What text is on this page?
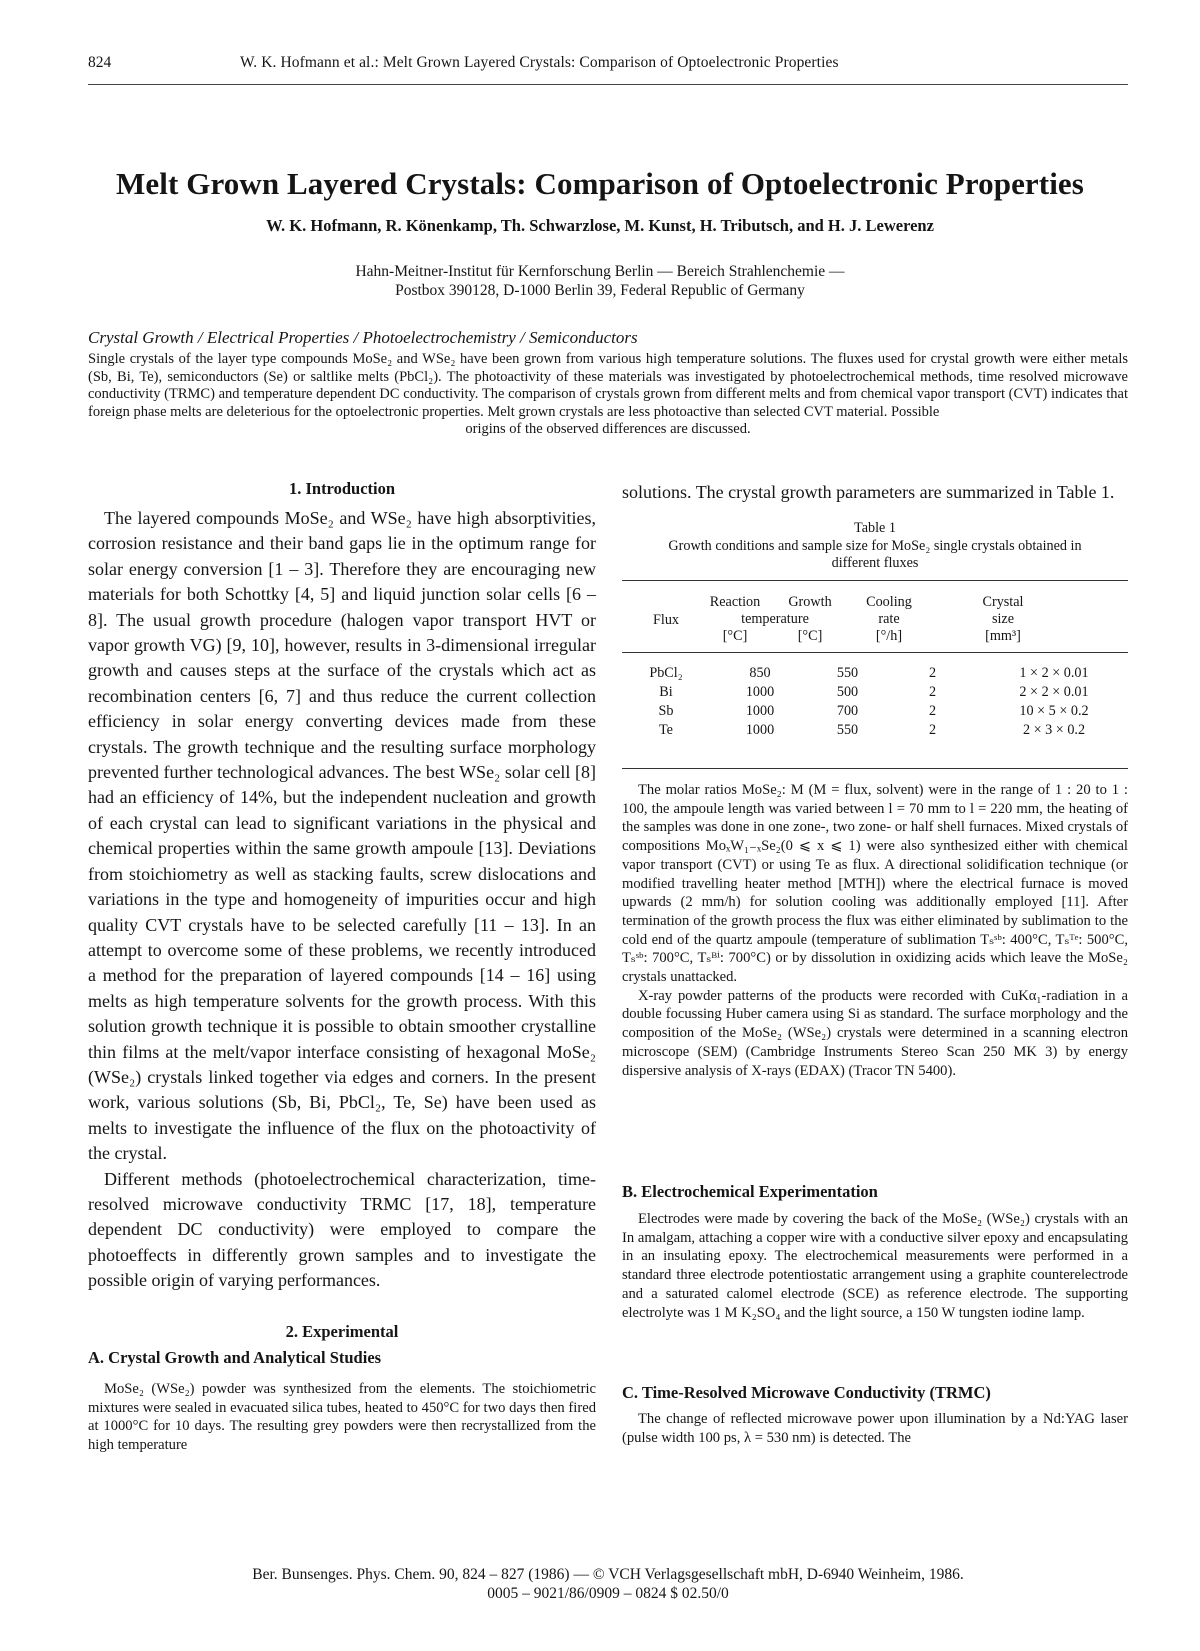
824	W. K. Hofmann et al.: Melt Grown Layered Crystals: Comparison of Optoelectronic Properties
Melt Grown Layered Crystals: Comparison of Optoelectronic Properties
W. K. Hofmann, R. Könenkamp, Th. Schwarzlose, M. Kunst, H. Tributsch, and H. J. Lewerenz
Hahn-Meitner-Institut für Kernforschung Berlin — Bereich Strahlenchemie —
Postbox 390128, D-1000 Berlin 39, Federal Republic of Germany
Crystal Growth / Electrical Properties / Photoelectrochemistry / Semiconductors

Single crystals of the layer type compounds MoSe₂ and WSe₂ have been grown from various high temperature solutions. The fluxes used for crystal growth were either metals (Sb, Bi, Te), semiconductors (Se) or saltlike melts (PbCl₂). The photoactivity of these materials was investigated by photoelectrochemical methods, time resolved microwave conductivity (TRMC) and temperature dependent DC conductivity. The comparison of crystals grown from different melts and from chemical vapor transport (CVT) indicates that foreign phase melts are deleterious for the optoelectronic properties. Melt grown crystals are less photoactive than selected CVT material. Possible

origins of the observed differences are discussed.

1. Introduction

The layered compounds MoSe₂ and WSe₂ have high absorptivities, corrosion resistance and their band gaps lie in the optimum range for solar energy conversion [1 – 3]. Therefore they are encouraging new materials for both Schottky [4, 5] and liquid junction solar cells [6 – 8]. The usual growth procedure (halogen vapor transport HVT or vapor growth VG) [9, 10], however, results in 3-dimensional irregular growth and causes steps at the surface of the crystals which act as recombination centers [6, 7] and thus reduce the current collection efficiency in solar energy converting devices made from these crystals. The growth technique and the resulting surface morphology prevented further technological advances. The best WSe₂ solar cell [8] had an efficiency of 14%, but the independent nucleation and growth of each crystal can lead to significant variations in the physical and chemical properties within the same growth ampoule [13]. Deviations from stoichiometry as well as stacking faults, screw dislocations and variations in the type and homogeneity of impurities occur and high quality CVT crystals have to be selected carefully [11 – 13]. In an attempt to overcome some of these problems, we recently introduced a method for the preparation of layered compounds [14 – 16] using melts as high temperature solvents for the growth process. With this solution growth technique it is possible to obtain smoother crystalline thin films at the melt/vapor interface consisting of hexagonal MoSe₂ (WSe₂) crystals linked together via edges and corners. In the present work, various solutions (Sb, Bi, PbCl₂, Te, Se) have been used as melts to investigate the influence of the flux on the photoactivity of the crystal.

Different methods (photoelectrochemical characterization, time-resolved microwave conductivity TRMC [17, 18], temperature dependent DC conductivity) were employed to compare the photoeffects in differently grown samples and to investigate the possible origin of varying performances.

2. Experimental
A. Crystal Growth and Analytical Studies

MoSe₂ (WSe₂) powder was synthesized from the elements. The stoichiometric mixtures were sealed in evacuated silica tubes, heated to 450°C for two days then fired at 1000°C for 10 days. The resulting grey powders were then recrystallized from the high temperature

solutions. The crystal growth parameters are summarized in Table 1.

Table 1
Growth conditions and sample size for MoSe₂ single crystals obtained in
different fluxes
Flux
Reaction	Growth
temperature
[°C]	[°C]
Cooling
rate
[°/h]
Crystal
size
[mm³]
PbCl₂	850	550	2	1 × 2 × 0.01
Bi	1000	500	2	2 × 2 × 0.01
Sb	1000	700	2	10 × 5 × 0.2
Te	1000	550	2	2 × 3 × 0.2

The molar ratios MoSe₂: M (M = flux, solvent) were in the range of 1 : 20 to 1 : 100, the ampoule length was varied between l = 70 mm to l = 220 mm, the heating of the samples was done in one zone-, two zone- or half shell furnaces. Mixed crystals of compositions MoₓW₁₋ₓSe₂(0 ⩽ x ⩽ 1) were also synthesized either with chemical vapor transport (CVT) or using Te as flux. A directional solidification technique (or modified travelling heater method [MTH]) where the electrical furnace is moved upwards (2 mm/h) for solution cooling was additionally employed [11]. After termination of the growth process the flux was either eliminated by sublimation to the cold end of the quartz ampoule (temperature of sublimation Tₛˢᵇ: 400°C, Tₛᵀᵉ: 500°C, Tₛˢᵇ: 700°C, Tₛᴮⁱ: 700°C) or by dissolution in oxidizing acids which leave the MoSe₂ crystals unattacked.

X-ray powder patterns of the products were recorded with CuKα₁-radiation in a double focussing Huber camera using Si as standard. The surface morphology and the composition of the MoSe₂ (WSe₂) crystals were determined in a scanning electron microscope (SEM) (Cambridge Instruments Stereo Scan 250 MK 3) by energy dispersive analysis of X-rays (EDAX) (Tracor TN 5400).

B. Electrochemical Experimentation

Electrodes were made by covering the back of the MoSe₂ (WSe₂) crystals with an In amalgam, attaching a copper wire with a conductive silver epoxy and encapsulating in an insulating epoxy. The electrochemical measurements were performed in a standard three electrode potentiostatic arrangement using a graphite counterelectrode and a saturated calomel electrode (SCE) as reference electrode. The supporting electrolyte was 1 M K₂SO₄ and the light source, a 150 W tungsten iodine lamp.

C. Time-Resolved Microwave Conductivity (TRMC)

The change of reflected microwave power upon illumination by a Nd:YAG laser (pulse width 100 ps, λ = 530 nm) is detected. The

Ber. Bunsenges. Phys. Chem. 90, 824 – 827 (1986) — © VCH Verlagsgesellschaft mbH, D-6940 Weinheim, 1986.
0005 – 9021/86/0909 – 0824 $ 02.50/0
